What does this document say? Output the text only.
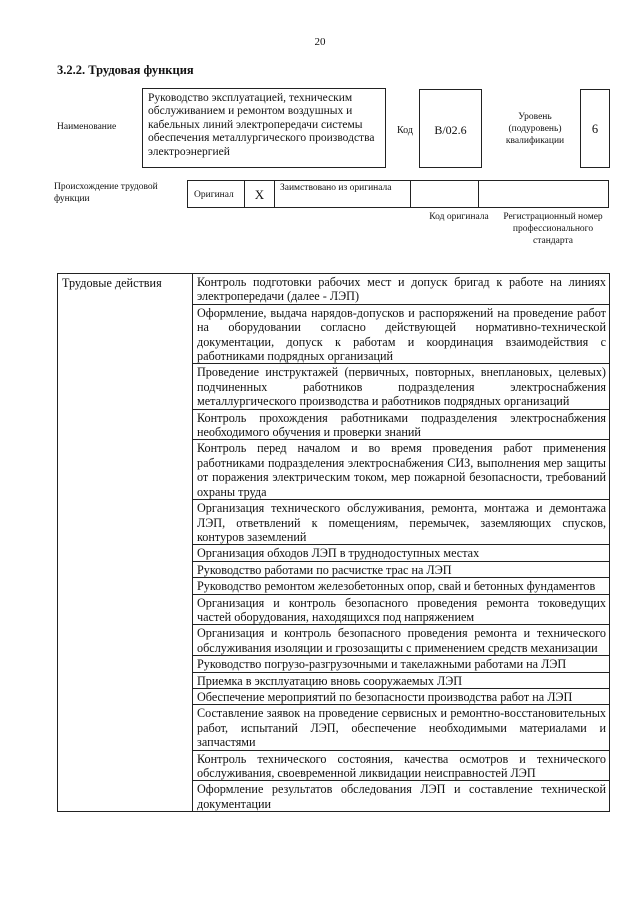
20
3.2.2. Трудовая функция
Наименование
Руководство эксплуатацией, техническим обслуживанием и ремонтом воздушных и кабельных линий электропередачи системы обеспечения металлургического производства электроэнергией
Код	B/02.6
Уровень (подуровень) квалификации
6
Происхождение трудовой функции	Оригинал	X	Заимствовано из оригинала
Код оригинала	Регистрационный номер профессионального стандарта
Трудовые действия	Контроль подготовки рабочих мест и допуск бригад к работе на линиях электропередачи (далее - ЛЭП)
Оформление, выдача нарядов-допусков и распоряжений на проведение работ на оборудовании согласно действующей нормативно-технической документации, допуск к работам и координация взаимодействия с работниками подрядных организаций
Проведение инструктажей (первичных, повторных, внеплановых, целевых) подчиненных работников подразделения электроснабжения металлургического производства и работников подрядных организаций
Контроль прохождения работниками подразделения электроснабжения необходимого обучения и проверки знаний
Контроль перед началом и во время проведения работ применения работниками подразделения электроснабжения СИЗ, выполнения мер защиты от поражения электрическим током, мер пожарной безопасности, требований охраны труда
Организация технического обслуживания, ремонта, монтажа и демонтажа ЛЭП, ответвлений к помещениям, перемычек, заземляющих спусков, контуров заземлений
Организация обходов ЛЭП в труднодоступных местах
Руководство работами по расчистке трас на ЛЭП
Руководство ремонтом железобетонных опор, свай и бетонных фундаментов
Организация и контроль безопасного проведения ремонта токоведущих частей оборудования, находящихся под напряжением
Организация и контроль безопасного проведения ремонта и технического обслуживания изоляции и грозозащиты с применением средств механизации
Руководство погрузо-разгрузочными и такелажными работами на ЛЭП
Приемка в эксплуатацию вновь сооружаемых ЛЭП
Обеспечение мероприятий по безопасности производства работ на ЛЭП
Составление заявок на проведение сервисных и ремонтно-восстановительных работ, испытаний ЛЭП, обеспечение необходимыми материалами и запчастями
Контроль технического состояния, качества осмотров и технического обслуживания, своевременной ликвидации неисправностей ЛЭП
Оформление результатов обследования ЛЭП и составление технической документации
